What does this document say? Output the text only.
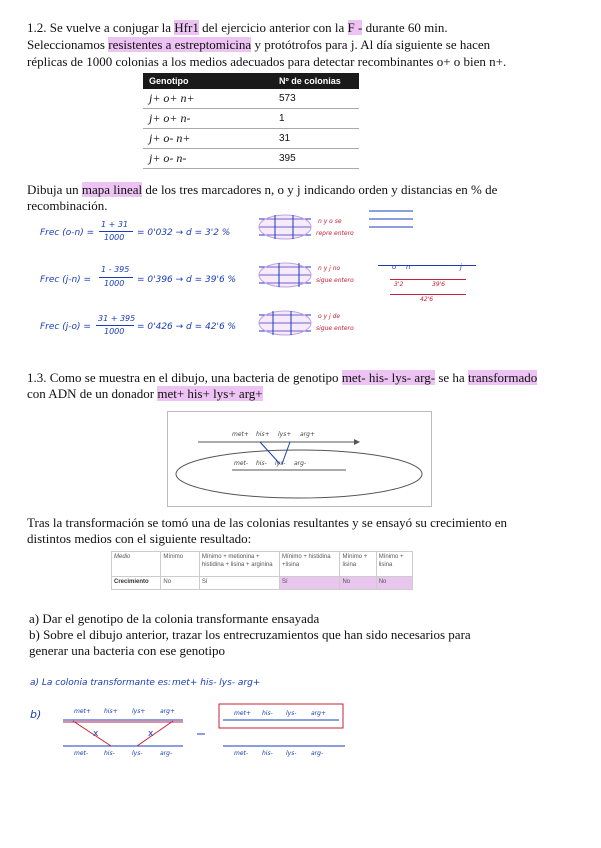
1.2. Se vuelve a conjugar la Hfr1 del ejercicio anterior con la F - durante 60 min.
Seleccionamos resistentes a estreptomicina y protótrofos para j. Al día siguiente se hacen
réplicas de 1000 colonias a los medios adecuados para detectar recombinantes o+ o bien n+.
Genotipo	Nº de colonias
j+ o+ n+	573
j+ o+ n-	1
j+ o- n+	31
j+ o- n-	395
Dibuja un mapa lineal de los tres marcadores n, o y j indicando orden y distancias en % de
recombinación.
Frec (o-n) =
1 + 31
1000 = 0'032 → d = 3'2 %
n y o se
repre entero
Frec (j-n) =
1 - 395
1000 = 0'396 → d = 39'6 %
n y j no
sigue entero
Frec (j-o) =
31 + 395
1000 = 0'426 → d = 42'6 %
o y j de
sigue entero
o n	j
3'2	39'6
42'6
1.3. Como se muestra en el dibujo, una bacteria de genotipo met- his- lys- arg- se ha transformado
con ADN de un donador met+ his+ lys+ arg+
met+ his+ lys+ arg+
met- his- lys- arg-
Tras la transformación se tomó una de las colonias resultantes y se ensayó su crecimiento en
distintos medios con el siguiente resultado:
Medio	Mínimo	Mínimo + metionina + histidina + lisina + arginina	Mínimo + histidina +lisina	Mínimo + lisina	Mínimo + lisina
Crecimiento	No	Sí	Sí	No	No
a) Dar el genotipo de la colonia transformante ensayada
b) Sobre el dibujo anterior, trazar los entrecruzamientos que han sido necesarios para
generar una bacteria con ese genotipo
a) La colonia transformante es: met+ his- lys- arg+
b)
x	x
met+ his+ lys+ arg+
met-	his-	lys-	arg-
met+ his- lys- arg+
met- his- lys- arg-
